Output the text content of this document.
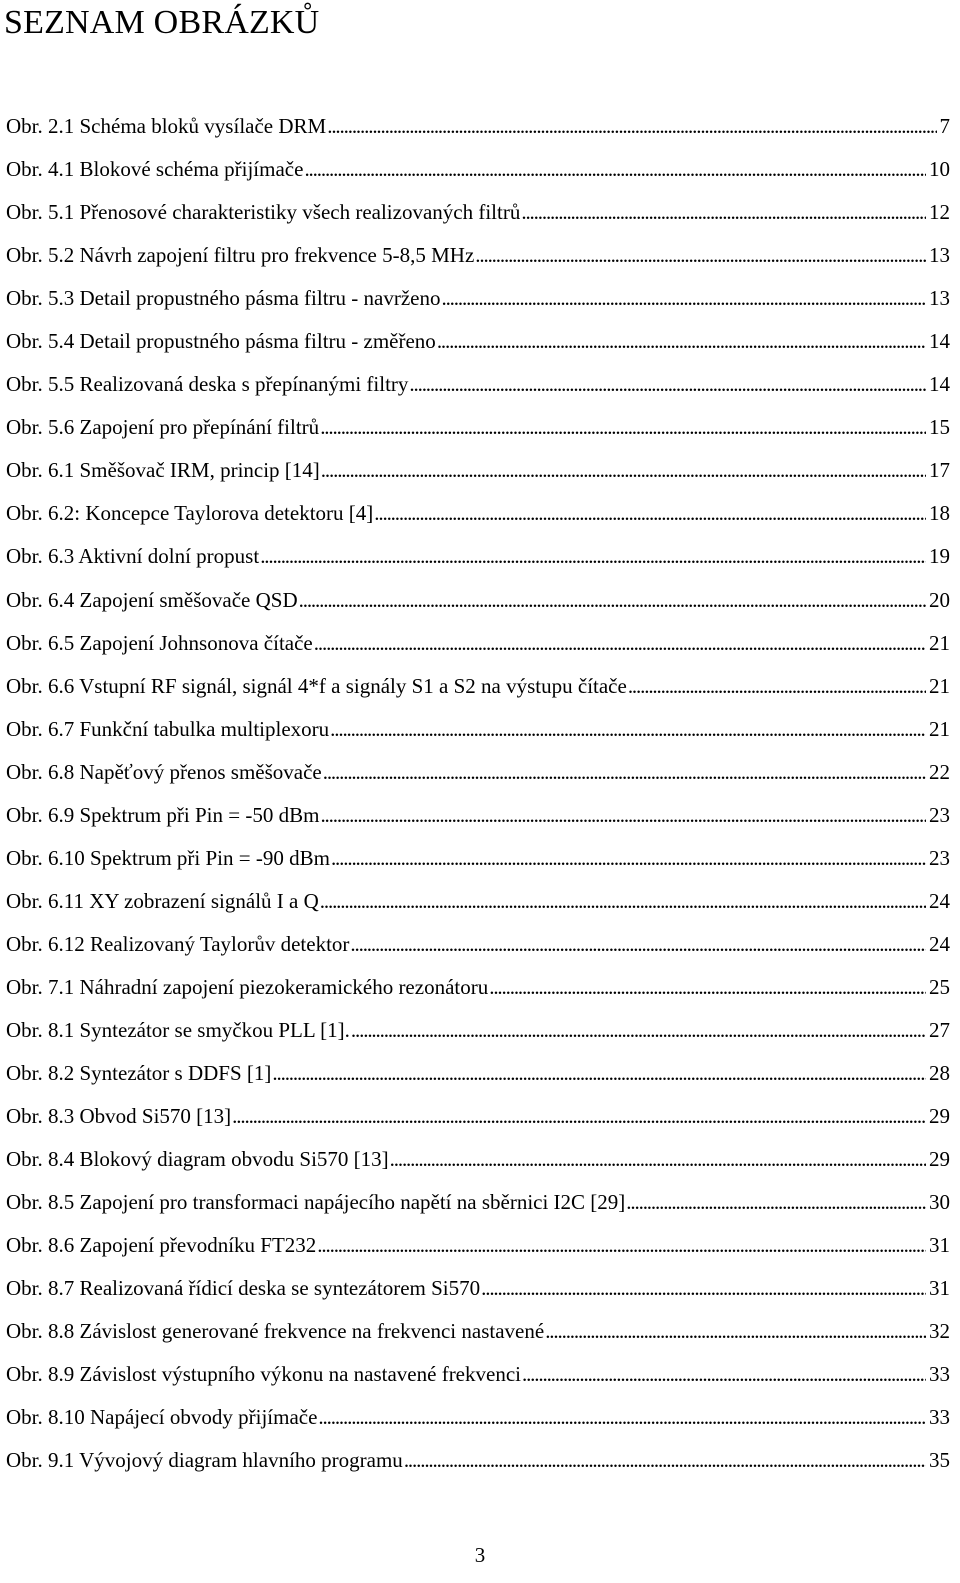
SEZNAM OBRÁZKŮ
Obr. 2.1 Schéma bloků vysílače DRM . . .	7
Obr. 4.1 Blokové schéma přijímače . . .	10
Obr. 5.1 Přenosové charakteristiky všech realizovaných filtrů . . .	12
Obr. 5.2 Návrh zapojení filtru pro frekvence 5-8,5 MHz . . .	13
Obr. 5.3 Detail propustného pásma filtru - navrženo . . .	13
Obr. 5.4 Detail propustného pásma filtru - změřeno . . .	14
Obr. 5.5 Realizovaná deska s přepínanými filtry . . .	14
Obr. 5.6 Zapojení pro přepínání filtrů . . .	15
Obr. 6.1 Směšovač IRM, princip [14] . . .	17
Obr. 6.2: Koncepce Taylorova detektoru [4] . . .	18
Obr. 6.3 Aktivní dolní propust . . .	19
Obr. 6.4 Zapojení směšovače QSD . . .	20
Obr. 6.5 Zapojení Johnsonova čítače . . .	21
Obr. 6.6 Vstupní RF signál, signál 4*f a signály S1 a S2 na výstupu čítače . . .	21
Obr. 6.7 Funkční tabulka multiplexoru . . .	21
Obr. 6.8 Napěťový přenos směšovače . . .	22
Obr. 6.9 Spektrum při Pin = -50 dBm . . .	23
Obr. 6.10 Spektrum při Pin = -90 dBm . . .	23
Obr. 6.11 XY zobrazení signálů I a Q . . .	24
Obr. 6.12 Realizovaný Taylorův detektor . . .	24
Obr. 7.1 Náhradní zapojení piezokeramického rezonátoru . . .	25
Obr. 8.1 Syntezátor se smyčkou PLL [1]. . . .	27
Obr. 8.2 Syntezátor s DDFS [1] . . .	28
Obr. 8.3 Obvod Si570 [13] . . .	29
Obr. 8.4 Blokový diagram obvodu Si570 [13] . . .	29
Obr. 8.5 Zapojení pro transformaci napájecího napětí na sběrnici I2C [29] . . .	30
Obr. 8.6 Zapojení převodníku FT232 . . .	31
Obr. 8.7 Realizovaná řídicí deska se syntezátorem Si570 . . .	31
Obr. 8.8 Závislost generované frekvence na frekvenci nastavené . . .	32
Obr. 8.9 Závislost výstupního výkonu na nastavené frekvenci . . .	33
Obr. 8.10 Napájecí obvody přijímače . . .	33
Obr. 9.1 Vývojový diagram hlavního programu . . .	35
3
